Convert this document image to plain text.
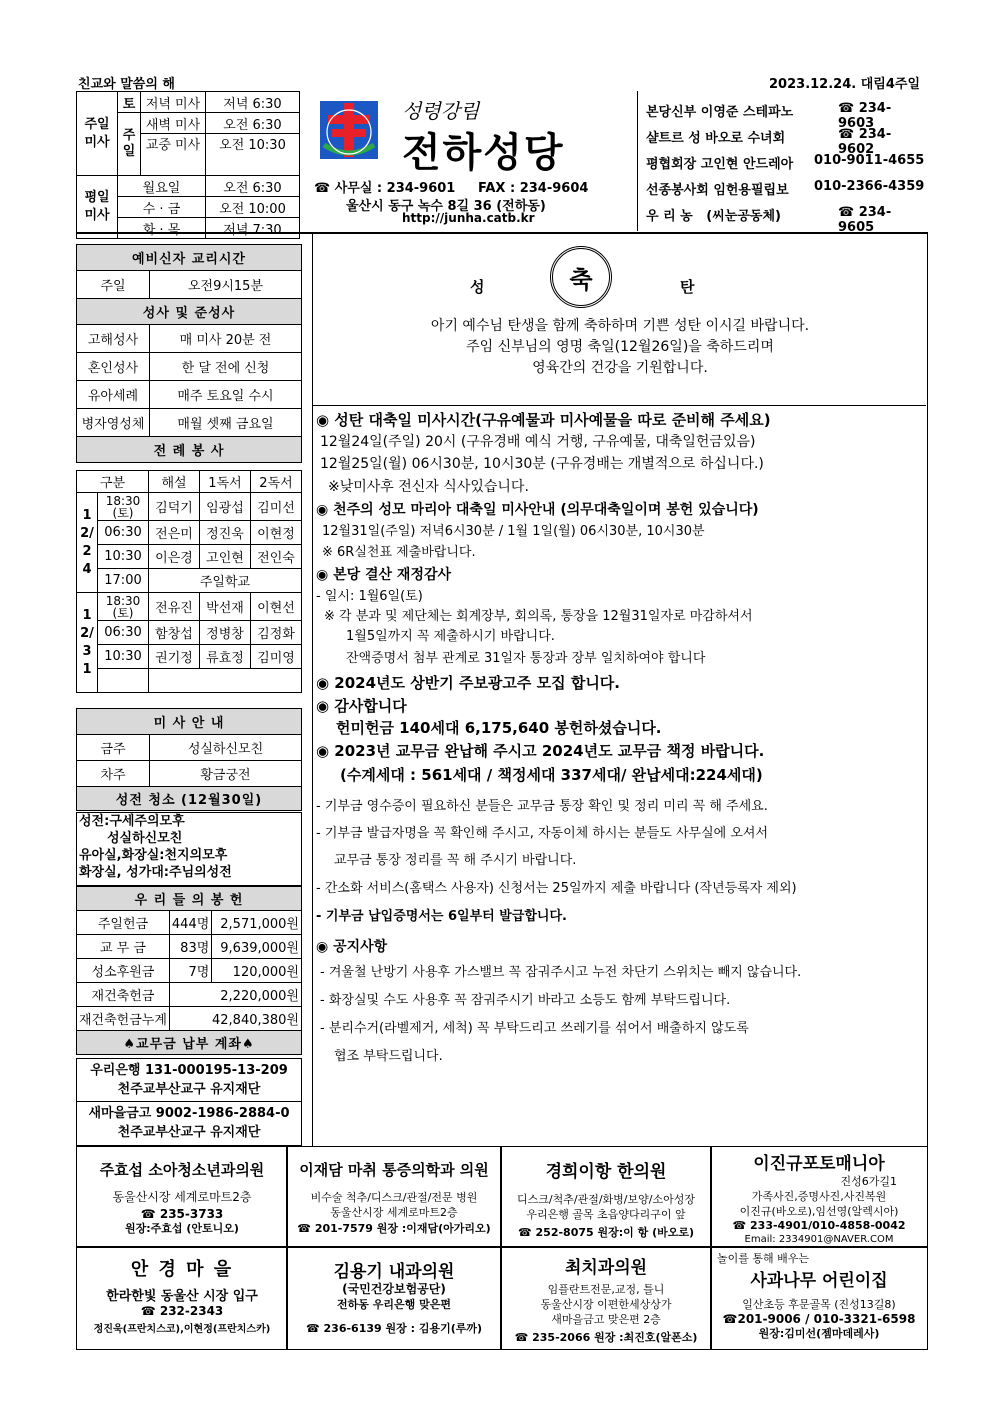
친교와 말씀의 해	2023.12.24. 대림4주일
주일 미사	토	저녁 미사	저녁 6:30
	주 일	새벽 미사	오전 6:30
		교중 미사	오전 10:30
평일 미사	월요일		오전 6:30
	수 · 금		오전 10:00
	화 · 목		저녁 7:30
성령강림
전하성당
☎ 사무실 : 234-9601     FAX : 234-9604
울산시 동구 녹수 8길 36 (전하동)
http://junha.catb.kr
본당신부 이영준 스테파노	☎ 234-9603
샬트르 성 바오로 수녀회	☎ 234-9602
평협회장 고인현 안드레아 010-9011-4655
선종봉사회 임헌용필립보 010-2366-4359
우 리 농   (씨눈공동체)	☎ 234-9605
예비신자 교리시간	
주일	오전9시15분
성사 및 준성사	
고해성사	매 미사 20분 전
혼인성사	한 달 전에 신청
유아세례	매주 토요일 수시
병자영성체	매월 셋째 금요일
전 례 봉 사	
구분		해설	1독서	2독서
12/24	18:30 (토)	김덕기	임광섭	김미선
	06:30	전은미	정진욱	이현정
	10:30	이은경	고인현	전인숙
	17:00	주일학교		
12/31	18:30 (토)	전유진	박선재	이현선
	06:30	함창섭	정병창	김정화
	10:30	권기정	류효정	김미영

미 사 안 내	
금주	성실하신모친
차주	황금궁전
성전 청소 (12월30일)	
성전:구세주의모후
성실하신모친
유아실,화장실:천지의모후
화장실, 성가대:주님의성전
우 리 들 의 봉 헌		
주일헌금	444명	2,571,000원
교 무 금	83명	9,639,000원
성소후원금	7명	120,000원
재건축헌금	2,220,000원	
재건축헌금누계	42,840,380원	
♠교무금 납부 계좌♠		
우리은행 131-000195-13-209
천주교부산교구 유지재단
새마을금고 9002-1986-2884-0
천주교부산교구 유지재단
성	축	탄
아기 예수님 탄생을 함께 축하하며 기쁜 성탄 이시길 바랍니다.
주임 신부님의 영명 축일(12월26일)을 축하드리며
영육간의 건강을 기원합니다.
◉ 성탄 대축일 미사시간(구유예물과 미사예물을 따로 준비해 주세요)
12월24일(주일) 20시 (구유경배 예식 거행, 구유예물, 대축일헌금있음)
12월25일(월) 06시30분, 10시30분 (구유경배는 개별적으로 하십니다.)
※낮미사후 전신자 식사있습니다.
◉ 천주의 성모 마리아 대축일 미사안내 (의무대축일이며 봉헌 있습니다)
12월31일(주일) 저녁6시30분 / 1월 1일(월) 06시30분, 10시30분
※ 6R실천표 제출바랍니다.
◉ 본당 결산 재정감사
- 일시: 1월6일(토)
※ 각 분과 및 제단체는 회계장부, 회의록, 통장을 12월31일자로 마감하셔서
1월5일까지 꼭 제출하시기 바랍니다.
잔액증명서 첨부 관계로 31일자 통장과 장부 일치하여야 합니다
◉ 2024년도 상반기 주보광고주 모집 합니다.
◉ 감사합니다
헌미헌금 140세대 6,175,640 봉헌하셨습니다.
◉ 2023년 교무금 완납해 주시고 2024년도 교무금 책정 바랍니다.
(수계세대 : 561세대 / 책정세대 337세대/ 완납세대:224세대)
- 기부금 영수증이 필요하신 분들은 교무금 통장 확인 및 정리 미리 꼭 해 주세요.
- 기부금 발급자명을 꼭 확인해 주시고, 자동이체 하시는 분들도 사무실에 오셔서
교무금 통장 정리를 꼭 해 주시기 바랍니다.
- 간소화 서비스(홈택스 사용자) 신청서는 25일까지 제출 바랍니다 (작년등록자 제외)
- 기부금 납입증명서는 6일부터 발급합니다.
◉ 공지사항
- 겨울철 난방기 사용후 가스밸브 꼭 잠궈주시고 누전 차단기 스위치는 빼지 않습니다.
- 화장실및 수도 사용후 꼭 잠궈주시기 바라고 소등도 함께 부탁드립니다.
- 분리수거(라벨제거, 세척) 꼭 부탁드리고 쓰레기를 섞어서 배출하지 않도록
협조 부탁드립니다.
주효섭 소아청소년과의원
동울산시장 세계로마트2층
☎ 235-3733
원장:주효섭 (안토니오)
이재담 마취 통증의학과 의원
비수술 척추/디스크/관절/전문 병원
동울산시장 세계로마트2층
☎ 201-7579 원장 :이재담(아가리오)
경희이항 한의원
디스크/척추/관절/화병/보양/소아성장
우리은행 골목 초읍양다리구이 앞
☎ 252-8075 원장:이 항 (바오로)
이진규포토매니아
진성6가길1
가족사진,증명사진,사진복원
이진규(바오로),임선영(알렉시아)
☎ 233-4901/010-4858-0042
Email: 2334901@NAVER.COM
안 경 마 을
한라한빛 동울산 시장 입구
☎ 232-2343
정진욱(프란치스코),이현정(프란치스카)
김용기 내과의원
(국민건강보험공단)
전하동 우리은행 맞은편
☎ 236-6139 원장 : 김용기(루까)
최치과의원
임플란트전문,교정, 틀니
동울산시장 이편한세상상가
새마을금고 맞은편 2층
☎ 235-2066 원장 :최진호(알폰소)
놀이를 통해 배우는
사과나무 어린이집
일산초등 후문골목 (진성13길8)
☎201-9006 / 010-3321-6598
원장:김미선(젬마데레사)
